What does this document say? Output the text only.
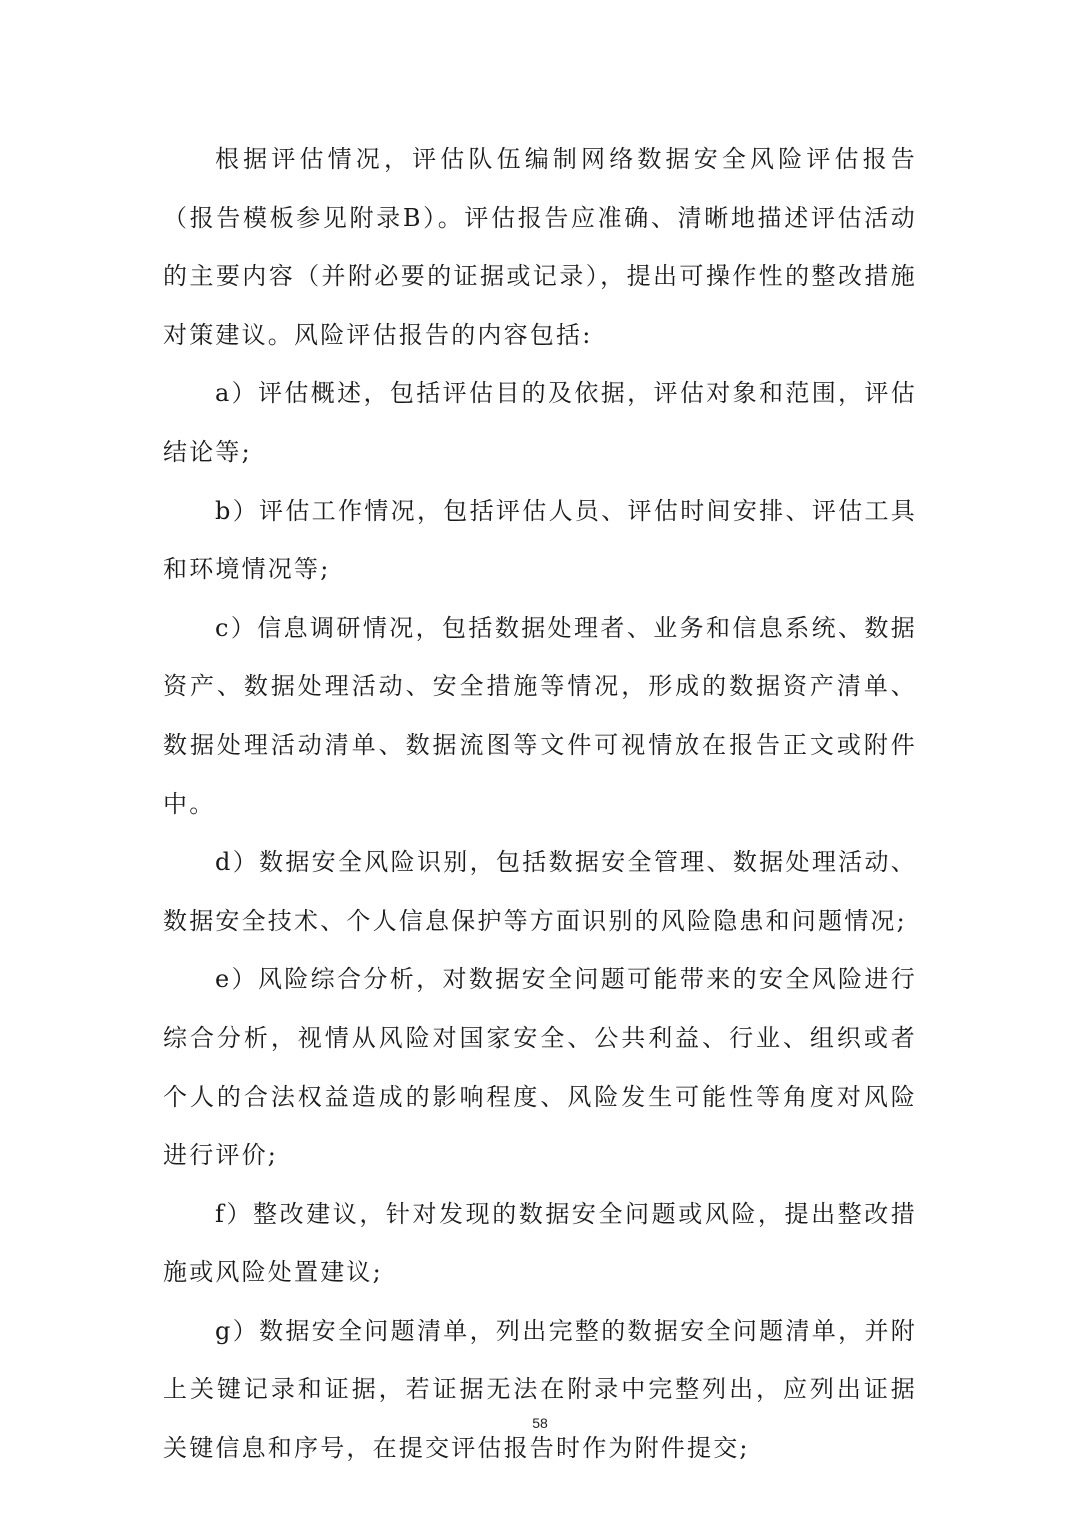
根据评估情况，评估队伍编制网络数据安全风险评估报告（报告模板参见附录B）。评估报告应准确、清晰地描述评估活动的主要内容（并附必要的证据或记录），提出可操作性的整改措施对策建议。风险评估报告的内容包括:

a）评估概述，包括评估目的及依据，评估对象和范围，评估结论等;

b）评估工作情况，包括评估人员、评估时间安排、评估工具和环境情况等;

c）信息调研情况，包括数据处理者、业务和信息系统、数据资产、数据处理活动、安全措施等情况，形成的数据资产清单、数据处理活动清单、数据流图等文件可视情放在报告正文或附件中。

d）数据安全风险识别，包括数据安全管理、数据处理活动、数据安全技术、个人信息保护等方面识别的风险隐患和问题情况;

e）风险综合分析，对数据安全问题可能带来的安全风险进行综合分析，视情从风险对国家安全、公共利益、行业、组织或者个人的合法权益造成的影响程度、风险发生可能性等角度对风险进行评价;

f）整改建议，针对发现的数据安全问题或风险，提出整改措施或风险处置建议;

g）数据安全问题清单，列出完整的数据安全问题清单，并附上关键记录和证据，若证据无法在附录中完整列出，应列出证据关键信息和序号，在提交评估报告时作为附件提交;

58
